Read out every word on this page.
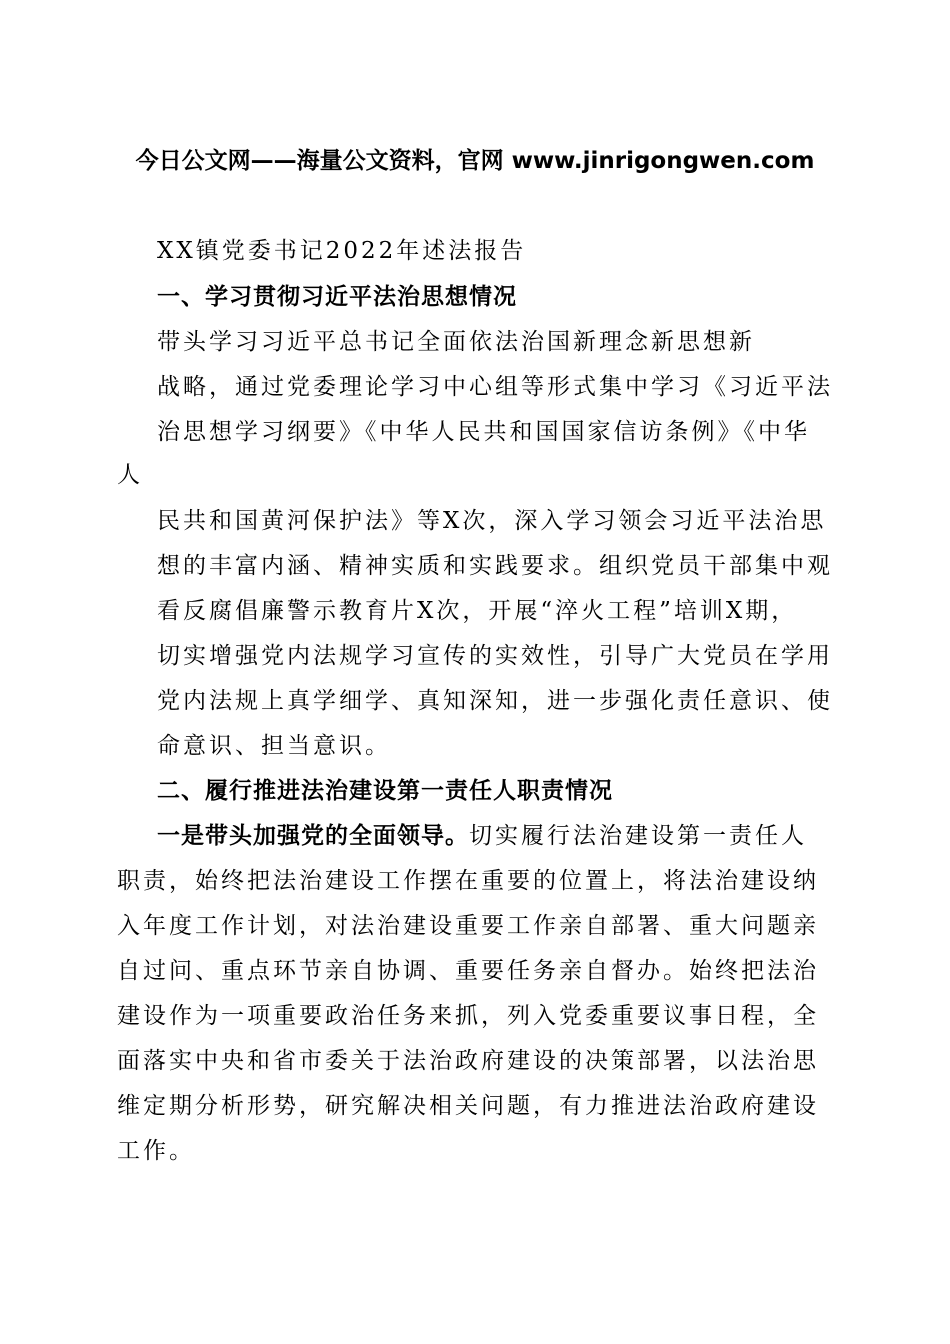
今日公文网——海量公文资料，官网 www.jinrigongwen.com
XX镇党委书记2022年述法报告
一、学习贯彻习近平法治思想情况
带头学习习近平总书记全面依法治国新理念新思想新
战略，通过党委理论学习中心组等形式集中学习《习近平法
治思想学习纲要》《中华人民共和国国家信访条例》《中华
人
民共和国黄河保护法》等X次，深入学习领会习近平法治思
想的丰富内涵、精神实质和实践要求。组织党员干部集中观
看反腐倡廉警示教育片X次，开展“淬火工程”培训X期，
切实增强党内法规学习宣传的实效性，引导广大党员在学用
党内法规上真学细学、真知深知，进一步强化责任意识、使
命意识、担当意识。
二、履行推进法治建设第一责任人职责情况
一是带头加强党的全面领导。切实履行法治建设第一责任人
职责，始终把法治建设工作摆在重要的位置上，将法治建设纳
入年度工作计划，对法治建设重要工作亲自部署、重大问题亲
自过问、重点环节亲自协调、重要任务亲自督办。始终把法治
建设作为一项重要政治任务来抓，列入党委重要议事日程，全
面落实中央和省市委关于法治政府建设的决策部署，以法治思
维定期分析形势，研究解决相关问题，有力推进法治政府建设
工作。
